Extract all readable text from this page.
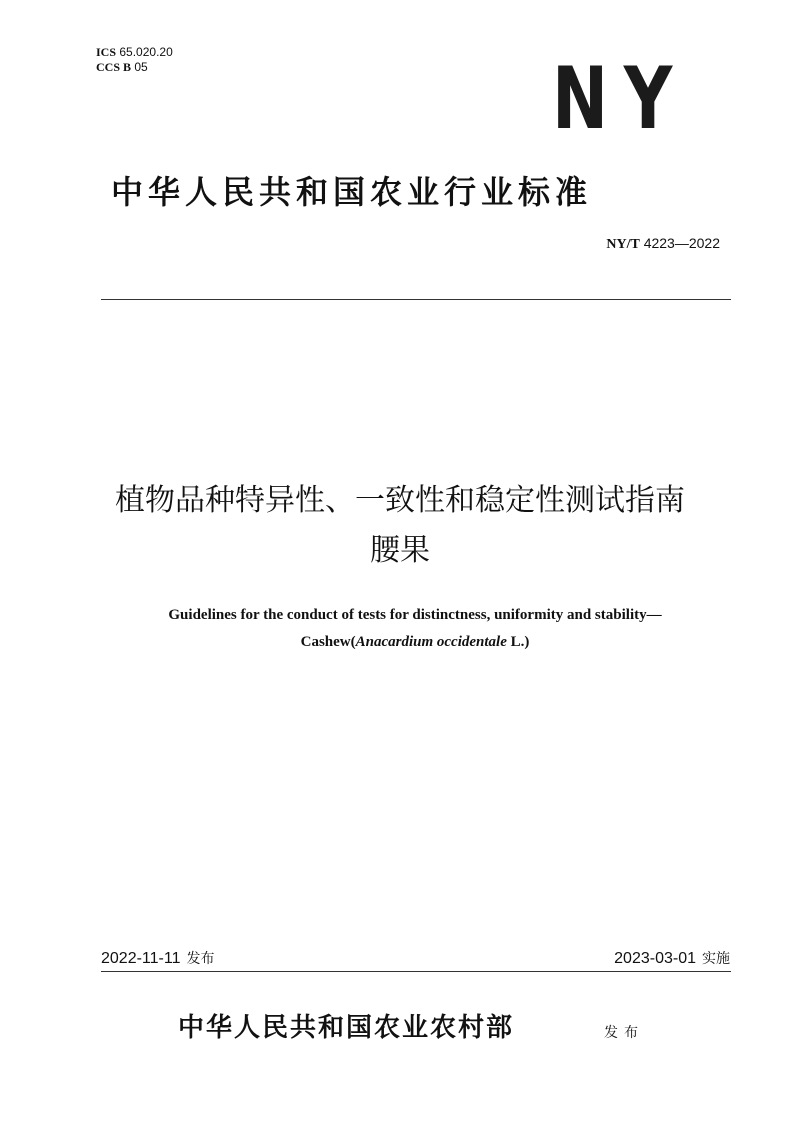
ICS 65.020.20
CCS B 05	NY
中华人民共和国农业行业标准
NY/T 4223—2022
植物品种特异性、一致性和稳定性测试指南
腰果
Guidelines for the conduct of tests for distinctness, uniformity and stability—
Cashew(Anacardium occidentale L.)
2022-11-11 发布	2023-03-01 实施
中华人民共和国农业农村部	发布
